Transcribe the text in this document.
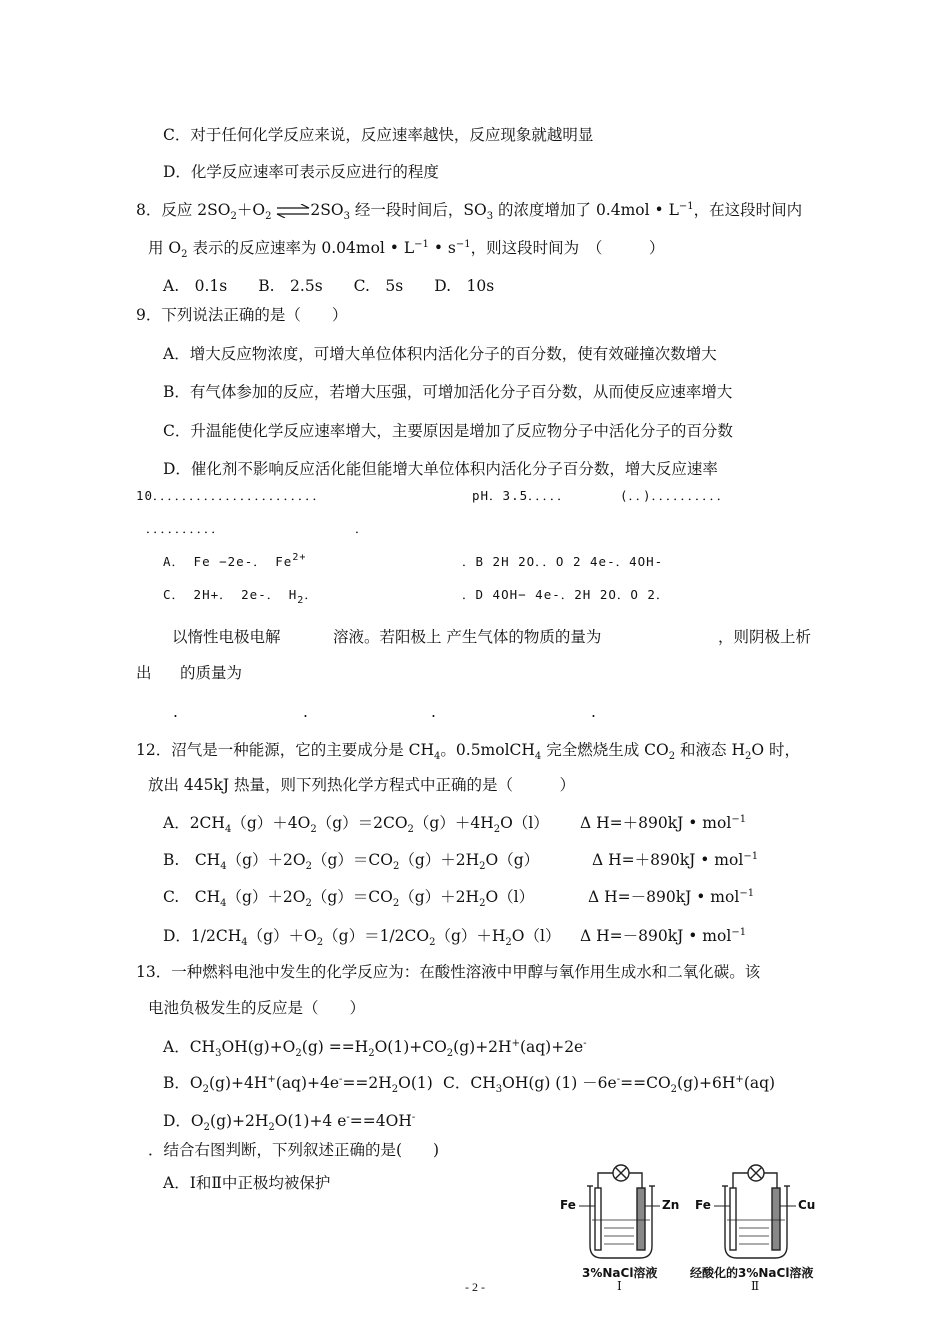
C．对于任何化学反应来说，反应速率越快，反应现象就越明显
D．化学反应速率可表示反应进行的程度
8．反应 $2SO_2+O_2$ $\rightleftharpoons 2SO_3$ 经一段时间后，$SO_3$ 的浓度增加了 0.4mol • $L^{-1}$，在这段时间内
用 $O_2$ 表示的反应速率为 0.04mol • $L^{-1}$ • $s^{-1}$，则这段时间为　（　　　）
A.　0.1s　　B.　2.5s　　C.　5s　　D.　10s
9．下列说法正确的是（　　）
A．增大反应物浓度，可增大单位体积内活化分子的百分数，使有效碰撞次数增大
B．有气体参加的反应，若增大压强，可增加活化分子百分数，从而使反应速率增大
C．升温能使化学反应速率增大，主要原因是增加了反应物分子中活化分子的百分数
D．催化剂不影响反应活化能但能增大单位体积内活化分子百分数，增大反应速率
10．．．．．．．．．．．．．．．．．．．．．．．	pH．3.5．．．．．	(．．)．．．．．．．．．．
．．．．．．．．．．	．
A． Fe −2e-． $Fe^{2+}$	．B 2H 2O．．O 2 4e-．4OH-
C． 2H+． 2e-． $H_2$．	．D 4OH− 4e-．2H 2O．O 2．
以惰性电极电解	溶液。若阳极上 产生气体的物质的量为	，则阴极上析
出 的质量为
.	.	.	.
12．沼气是一种能源，它的主要成分是 $CH_4$。0.5molCH$_4$ 完全燃烧生成 $CO_2$ 和液态 $H_2O$ 时，
放出 445kJ 热量，则下列热化学方程式中正确的是（　　　）
A．$2CH_4(g)+4O_2(g)=2CO_2(g)+4H_2O(l)$ Δ H=＋890kJ • mol$^{-1}$
B.　$CH_4(g)+2O_2(g)=CO_2(g)+2H_2O(g)$	Δ H=＋890kJ • mol$^{-1}$
C.　$CH_4(g)+2O_2(g)=CO_2(g)+2H_2O(l)$	Δ H=－890kJ • mol$^{-1}$
D．$1/2CH_4(g)+O_2(g)=1/2CO_2(g)+H_2O(l)$ Δ H=－890kJ • mol$^{-1}$
13．一种燃料电池中发生的化学反应为：在酸性溶液中甲醇与氧作用生成水和二氧化碳。该
电池负极发生的反应是（　　）
A．$CH_3OH(g)+O_2(g) ==H_2O(1)+CO_2(g)+2H^+(aq)+2e^-$
B．$O_2(g)+4H^+(aq)+4e^-==2H_2O(1)$ C．$CH_3OH(g)$ $(1) -6e^-==CO_2(g)+6H^+(aq)$
D．$O_2(g)+2H_2O(1)+4$ e-==4OH-
．结合右图判断，下列叙述正确的是(　　)
A．Ⅰ和Ⅱ中正极均被保护
Fe	Zn Fe	Cu
3%NaCl溶液	经酸化的3%NaCl溶液
Ⅰ	Ⅱ
- 2 -
